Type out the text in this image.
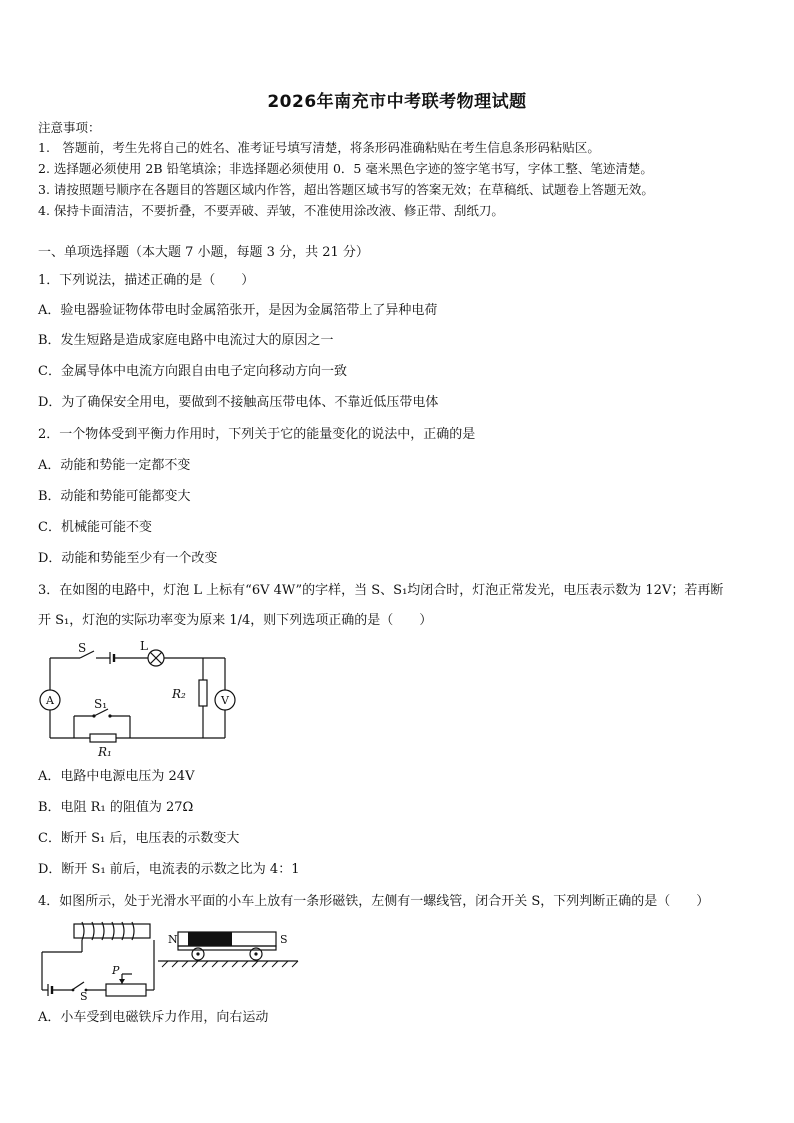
2026年南充市中考联考物理试题
注意事项：
1.　答题前，考生先将自己的姓名、准考证号填写清楚，将条形码准确粘贴在考生信息条形码粘贴区。
2. 选择题必须使用 2B 铅笔填涂；非选择题必须使用 0．5 毫米黑色字迹的签字笔书写，字体工整、笔迹清楚。
3. 请按照题号顺序在各题目的答题区域内作答，超出答题区域书写的答案无效；在草稿纸、试题卷上答题无效。
4. 保持卡面清洁，不要折叠，不要弄破、弄皱，不准使用涂改液、修正带、刮纸刀。
一、单项选择题（本大题 7 小题，每题 3 分，共 21 分）
1．下列说法，描述正确的是（　　）
A．验电器验证物体带电时金属箔张开，是因为金属箔带上了异种电荷
B．发生短路是造成家庭电路中电流过大的原因之一
C．金属导体中电流方向跟自由电子定向移动方向一致
D．为了确保安全用电，要做到不接触高压带电体、不靠近低压带电体
2．一个物体受到平衡力作用时，下列关于它的能量变化的说法中，正确的是
A．动能和势能一定都不变
B．动能和势能可能都变大
C．机械能可能不变
D．动能和势能至少有一个改变
3．在如图的电路中，灯泡 L 上标有“6V 4W”的字样，当 S、S₁均闭合时，灯泡正常发光，电压表示数为 12V；若再断
开 S₁，灯泡的实际功率变为原来 1/4，则下列选项正确的是（　　）
S	L
S₁
R₁
R₂
A	V
A．电路中电源电压为 24V
B．电阻 R₁ 的阻值为 27Ω
C．断开 S₁ 后，电压表的示数变大
D．断开 S₁ 前后，电流表的示数之比为 4：1
4．如图所示，处于光滑水平面的小车上放有一条形磁铁，左侧有一螺线管，闭合开关 S，下列判断正确的是（　　）
N	S
P
S
A．小车受到电磁铁斥力作用，向右运动
